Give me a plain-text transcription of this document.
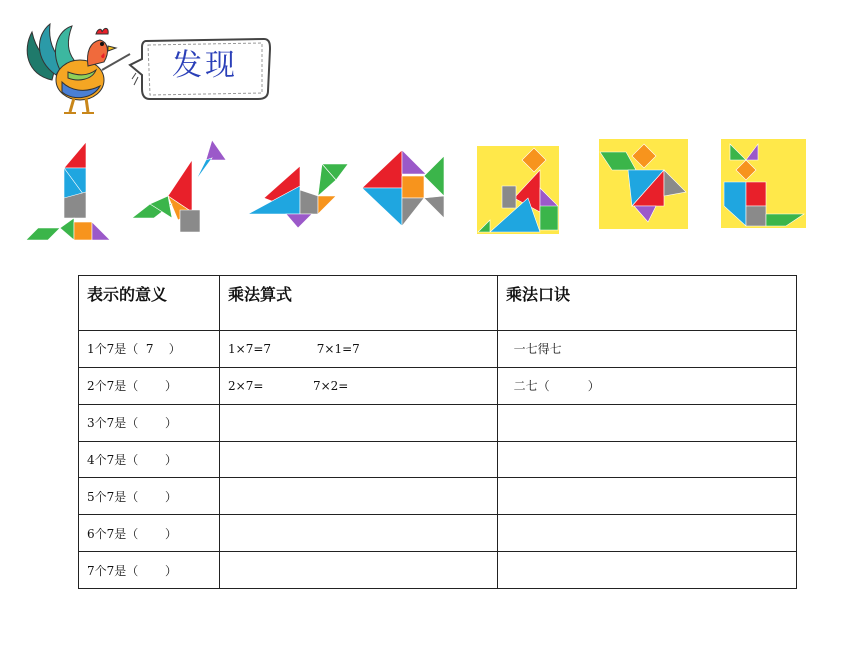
发现
表示的意义	乘法算式	乘法口诀
1个7是（  7    ）	1×7=7            7×1=7	一七得七
2个7是（       ）	2×7=             7×2=	二七（          ）
3个7是（       ）		
4个7是（       ）		
5个7是（       ）		
6个7是（       ）		
7个7是（       ）		
